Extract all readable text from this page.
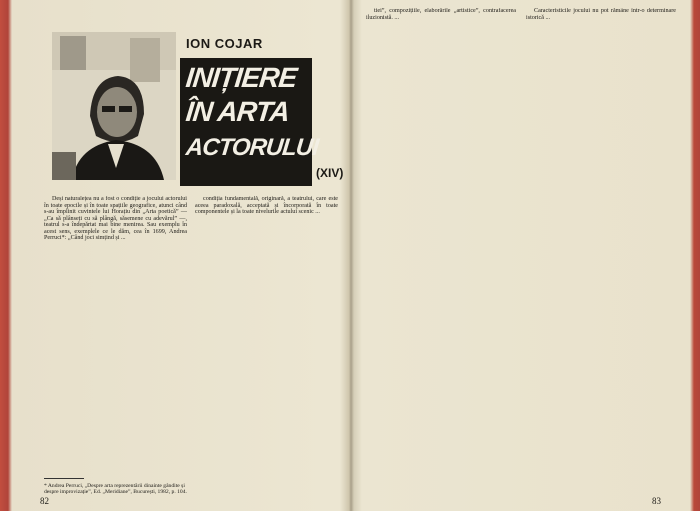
ION COJAR
INIȚIERE
ÎN ARTA
ACTORULUI
(XIV)

Deși naturalețea nu a fost o condiție a jocului actorului în toate epocile și în toate spațiile geografice, atunci când s-au împlinit cuvintele lui Horațiu din „Arta poetică” — „Ca să plânseți cu să plângă, săsemene cu adevărul” —, teatrul s-a îndepărtat mai bine menirea. Sau exemplu în acest sens, exemplele ce le dăm, cea în 1699, Andrea Perruci*: „Când joci simțind și ...

condiția fundamentală, originară, a teatrului, care este aceea paradoxală, acceptată și încorporată în toate componentele și la toate nivelurile actului scenic ...

* Andrea Perruci, „Despre arta reprezentării dinainte gândite și despre improvizație”, Ed. „Meridiane”, București, 1982, p. 104.
82

tiei”, compozițiile, elaborările „artistice”, contrafacerea iluzionistă. ...

Caracteristicile jocului nu pot rămâne într-o determinare istorică ...

83
